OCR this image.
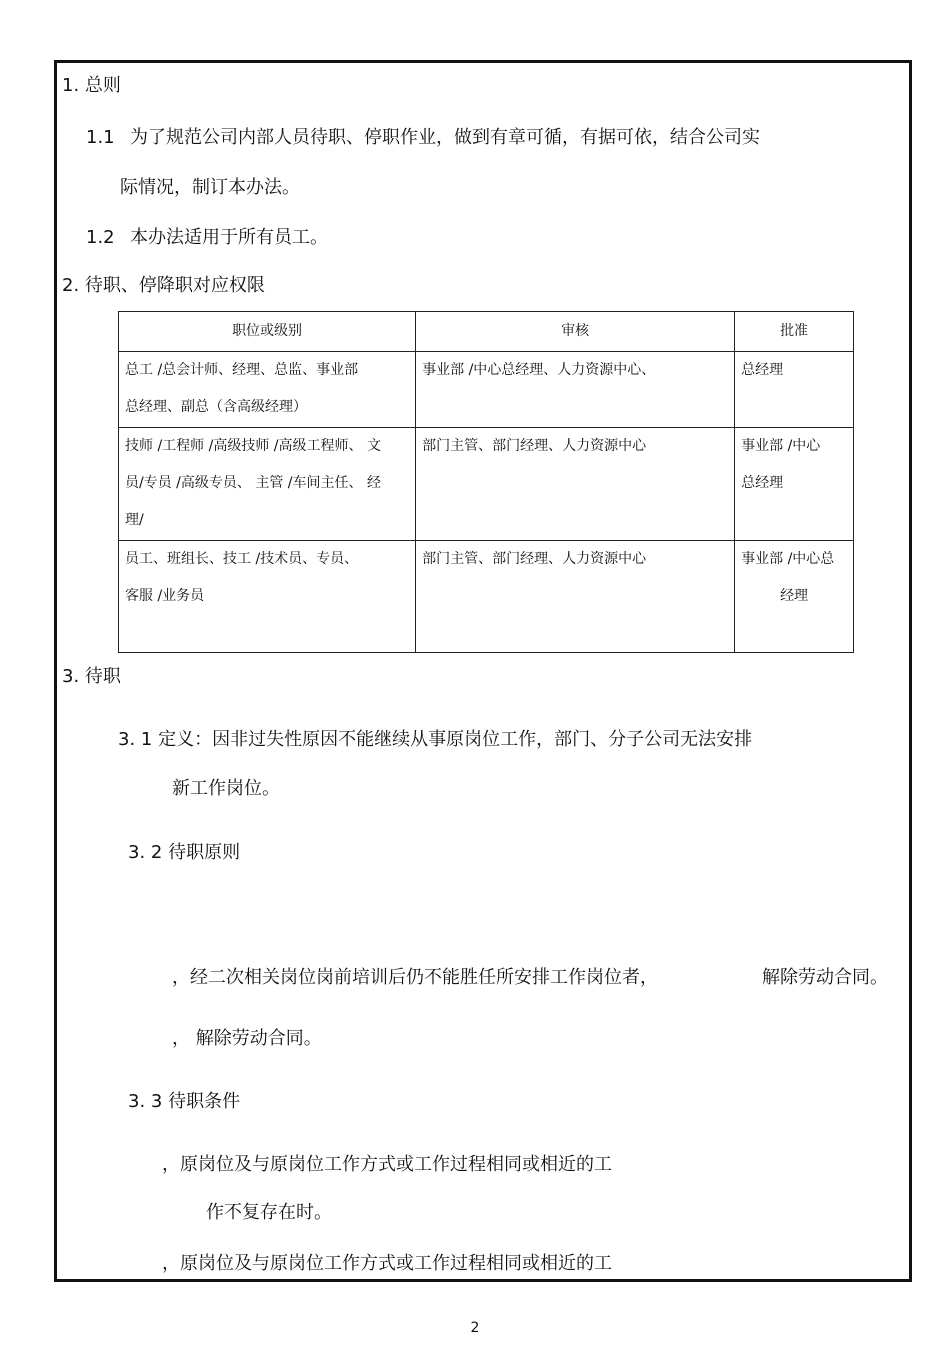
1. 总则
1.1 为了规范公司内部人员待职、停职作业，做到有章可循，有据可依，结合公司实
际情况，制订本办法。
1.2 本办法适用于所有员工。
2. 待职、停降职对应权限
职位或级别	审核	批准

总工 /总会计师、经理、总监、事业部
总经理、副总（含高级经理）	事业部 /中心总经理、人力资源中心、	总经理

技师 /工程师 /高级技师 /高级工程师、 文
员/专员 /高级专员、 主管 /车间主任、 经
理/	部门主管、部门经理、人力资源中心	事业部 /中心
总经理

员工、班组长、技工 /技术员、专员、
客服 /业务员	部门主管、部门经理、人力资源中心	事业部 /中心总
经理
3. 待职
3. 1 定义：因非过失性原因不能继续从事原岗位工作，部门、分子公司无法安排
新工作岗位。
3. 2 待职原则
，经二次相关岗位岗前培训后仍不能胜任所安排工作岗位者，	解除劳动合同。
， 解除劳动合同。
3. 3 待职条件
，原岗位及与原岗位工作方式或工作过程相同或相近的工
作不复存在时。
，原岗位及与原岗位工作方式或工作过程相同或相近的工
2
